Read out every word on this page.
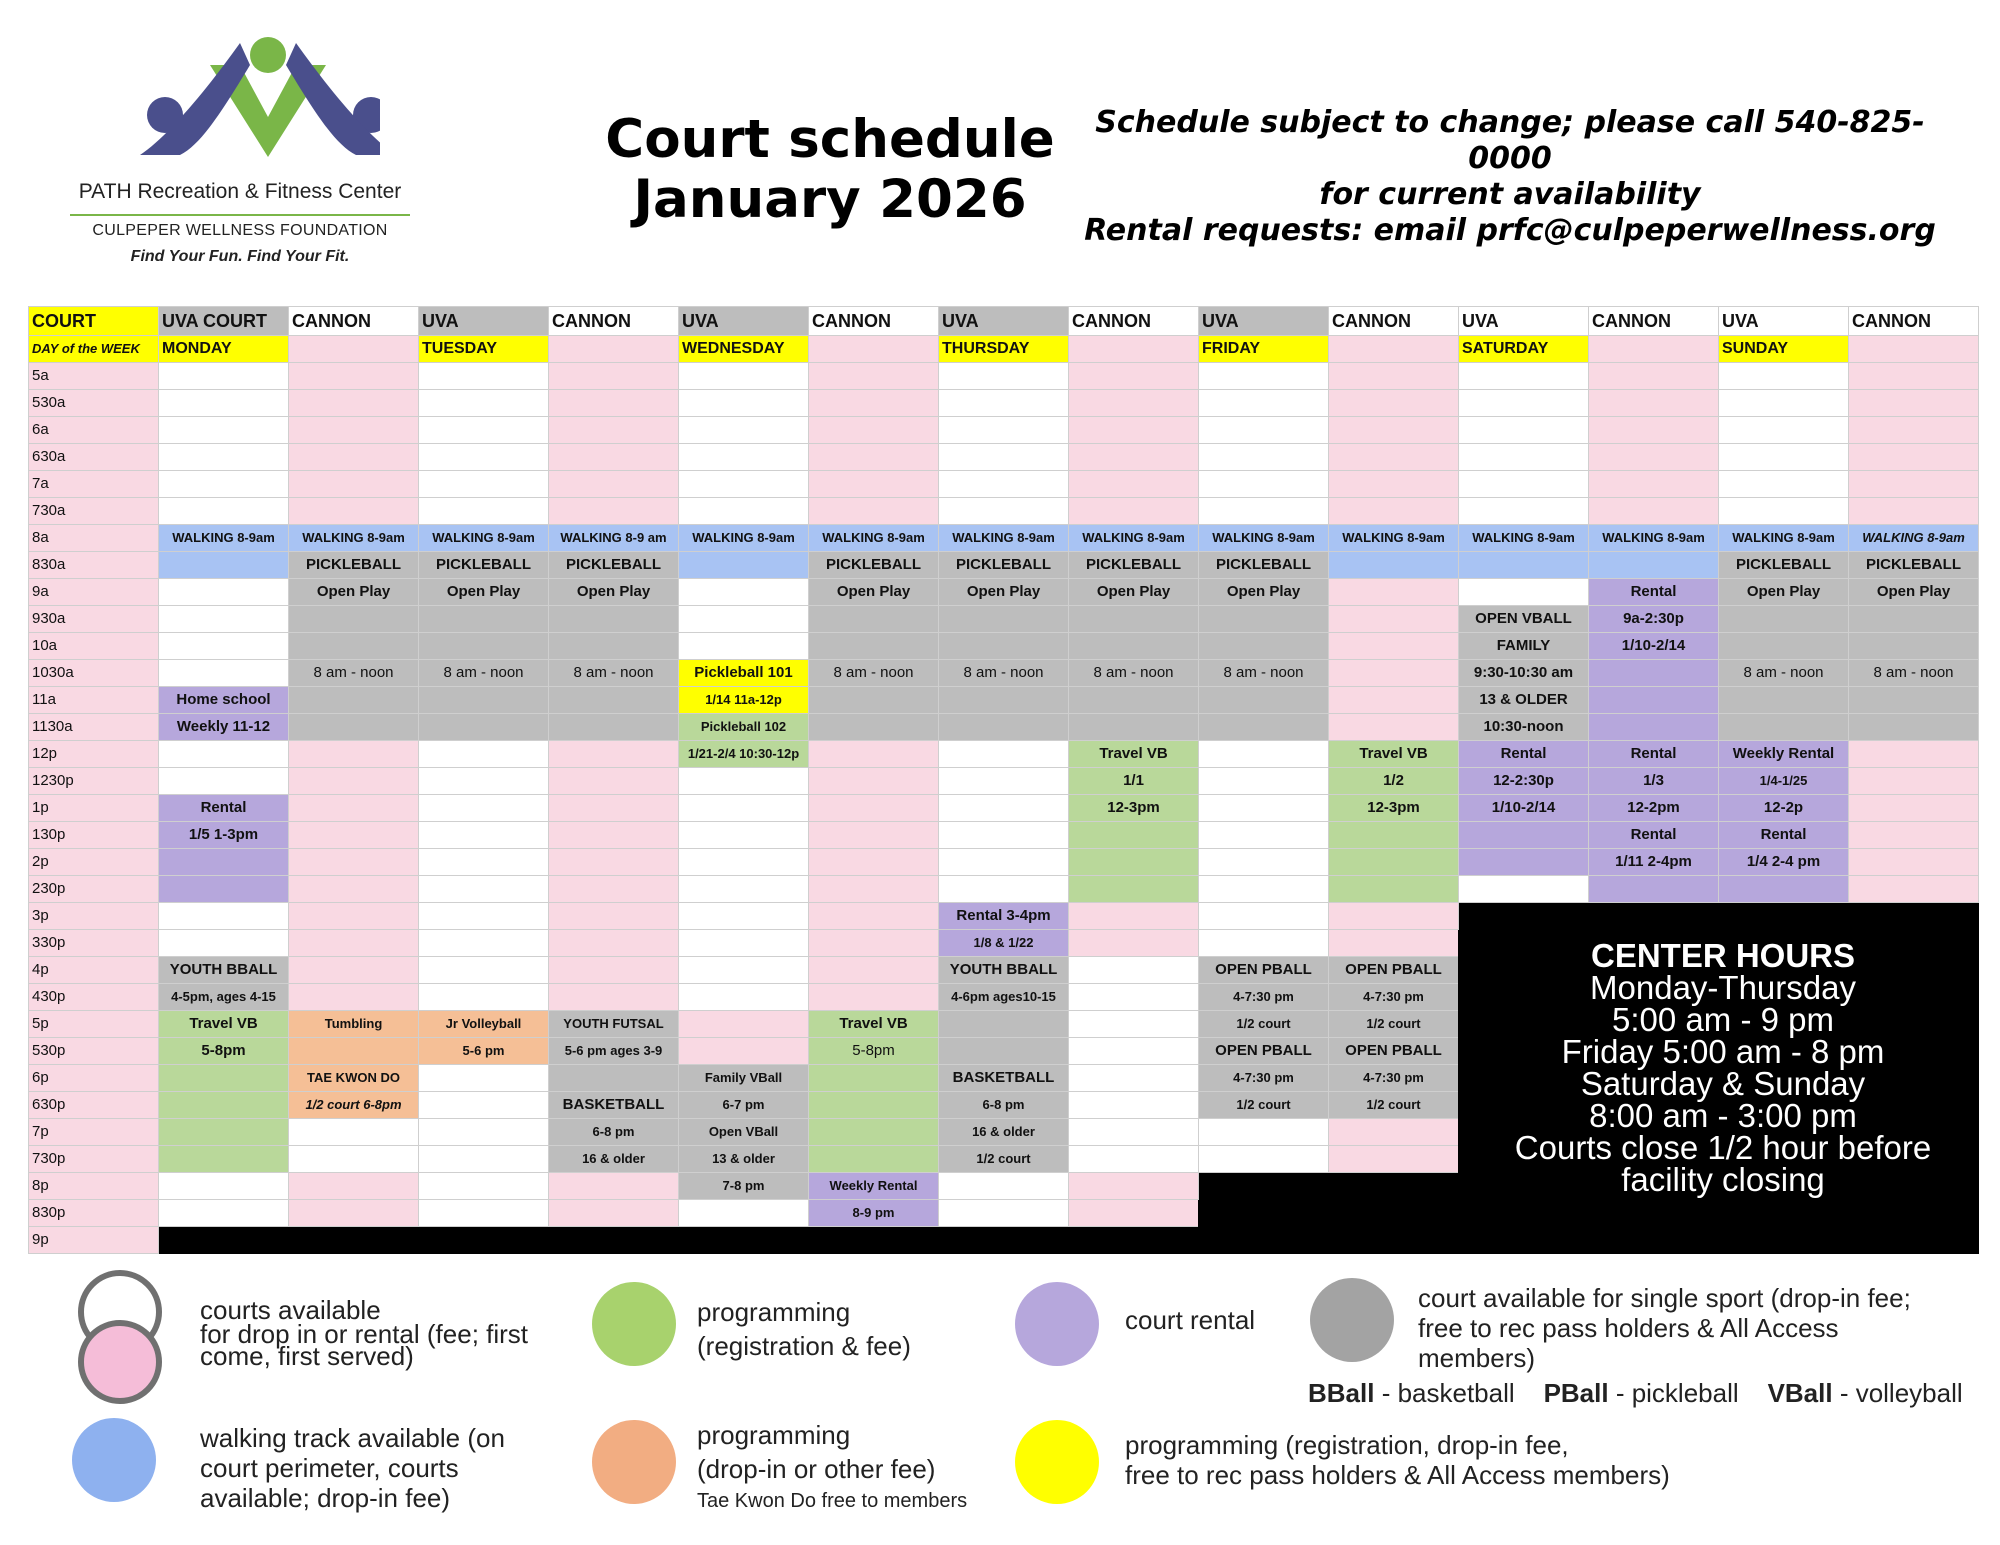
PATH Recreation & Fitness Center
CULPEPER WELLNESS FOUNDATION
Find Your Fun. Find Your Fit.
Court schedule
January 2026
Schedule subject to change; please call 540-825-0000
for current availability
Rental requests: email prfc@culpeperwellness.org
COURT	UVA COURT	CANNON	UVA	CANNON	UVA	CANNON	UVA	CANNON	UVA	CANNON	UVA	CANNON	UVA	CANNON
DAY of the WEEK	MONDAY		TUESDAY		WEDNESDAY		THURSDAY		FRIDAY		SATURDAY		SUNDAY	
5a														
530a														
6a														
630a														
7a														
730a														
8a	WALKING 8-9am	WALKING 8-9am	WALKING 8-9am	WALKING 8-9 am	WALKING 8-9am	WALKING 8-9am	WALKING 8-9am	WALKING 8-9am	WALKING 8-9am	WALKING 8-9am	WALKING 8-9am	WALKING 8-9am	WALKING 8-9am	WALKING 8-9am
830a		PICKLEBALL	PICKLEBALL	PICKLEBALL		PICKLEBALL	PICKLEBALL	PICKLEBALL	PICKLEBALL				PICKLEBALL	PICKLEBALL
9a		Open Play	Open Play	Open Play		Open Play	Open Play	Open Play	Open Play			Rental	Open Play	Open Play
930a											OPEN VBALL	9a-2:30p		
10a											FAMILY	1/10-2/14		
1030a		8 am - noon	8 am - noon	8 am - noon	Pickleball 101	8 am - noon	8 am - noon	8 am - noon	8 am - noon		9:30-10:30 am		8 am - noon	8 am - noon
11a	Home school				1/14 11a-12p						13 & OLDER			
1130a	Weekly 11-12				Pickleball 102						10:30-noon			
12p					1/21-2/4 10:30-12p			Travel VB		Travel VB	Rental	Rental	Weekly Rental	
1230p								1/1		1/2	12-2:30p	1/3	1/4-1/25	
1p	Rental							12-3pm		12-3pm	1/10-2/14	12-2pm	12-2p	
130p	1/5 1-3pm											Rental	Rental	
2p												1/11 2-4pm	1/4 2-4 pm	
230p														
3p							Rental 3-4pm							
330p							1/8 & 1/22							
4p	YOUTH BBALL						YOUTH BBALL		OPEN PBALL	OPEN PBALL				
430p	4-5pm, ages 4-15						4-6pm ages10-15		4-7:30 pm	4-7:30 pm				
5p	Travel VB	Tumbling	Jr Volleyball	YOUTH FUTSAL		Travel VB			1/2 court	1/2 court				
530p	5-8pm		5-6 pm	5-6 pm ages 3-9		5-8pm			OPEN PBALL	OPEN PBALL				
6p		TAE KWON DO			Family VBall		BASKETBALL		4-7:30 pm	4-7:30 pm				
630p		1/2 court 6-8pm		BASKETBALL	6-7 pm		6-8 pm		1/2 court	1/2 court				
7p				6-8 pm	Open VBall		16 & older							
730p				16 & older	13 & older		1/2 court							
8p					7-8 pm	Weekly Rental								
830p						8-9 pm								
9p														
CENTER HOURS
Monday-Thursday
5:00 am - 9 pm
Friday 5:00 am - 8 pm
Saturday & Sunday
8:00 am - 3:00 pm
Courts close 1/2 hour before
facility closing
courts available
for drop in or rental (fee; first
come, first served)
programming
(registration & fee)
court rental
court available for single sport (drop-in fee;
free to rec pass holders & All Access
members)
BBall - basketball PBall - pickleball VBall - volleyball
walking track available (on
court perimeter, courts
available; drop-in fee)
programming
(drop-in or other fee)
Tae Kwon Do free to members
programming (registration, drop-in fee,
free to rec pass holders & All Access members)
